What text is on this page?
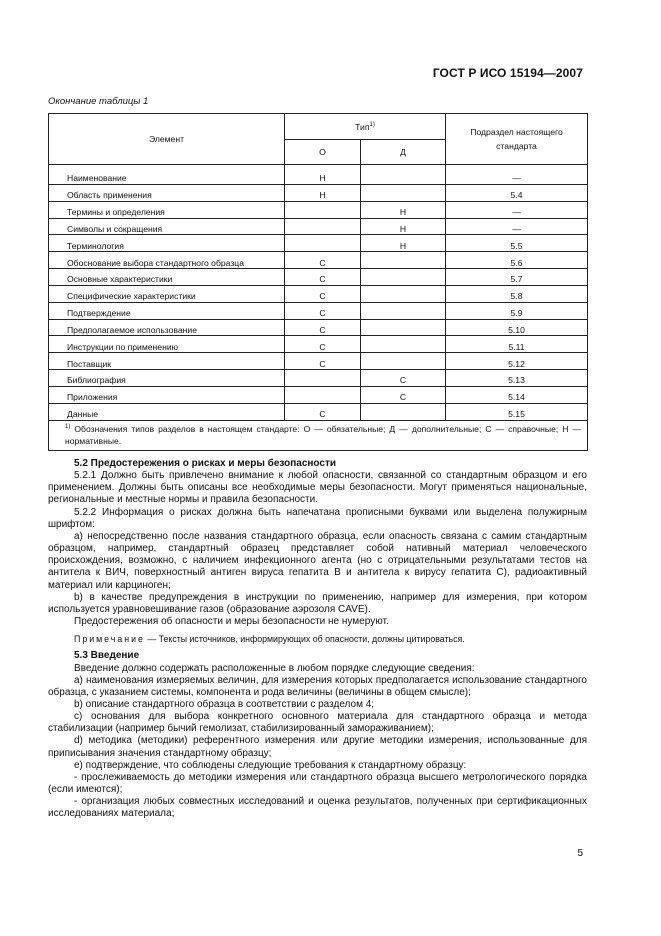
ГОСТ Р ИСО 15194—2007
Окончание таблицы 1
Элемент	Тип$^{1)}$		Подраздел настоящего стандарта
	О	Д	
Наименование	Н		—
Область применения	Н		5.4
Термины и определения		Н	—
Символы и сокращения		Н	—
Терминология		Н	5.5
Обоснование выбора стандартного образца	С		5.6
Основные характеристики	С		5.7
Специфические характеристики	С		5.8
Подтверждение	С		5.9
Предполагаемое использование	С		5.10
Инструкции по применению	С		5.11
Поставщик	С		5.12
Библиография		С	5.13
Приложения		С	5.14
Данные	С		5.15
$^{1)}$ Обозначения типов разделов в настоящем стандарте: О — обязательные; Д — дополнительные; С — справочные; Н — нормативные.			

5.2 Предостережения о рисках и меры безопасности

5.2.1 Должно быть привлечено внимание к любой опасности, связанной со стандартным образцом и его применением. Должны быть описаны все необходимые меры безопасности. Могут применяться национальные, региональные и местные нормы и правила безопасности.

5.2.2 Информация о рисках должна быть напечатана прописными буквами или выделена полужирным шрифтом:

а) непосредственно после названия стандартного образца, если опасность связана с самим стандартным образцом, например, стандартный образец представляет собой нативный материал человеческого происхождения, возможно, с наличием инфекционного агента (но с отрицательными результатами тестов на антитела к ВИЧ, поверхностный антиген вируса гепатита В и антитела к вирусу гепатита С), радиоактивный материал или карциноген;

b) в качестве предупреждения в инструкции по применению, например для измерения, при котором используется уравновешивание газов (образование аэрозоля CAVE).

Предостережения об опасности и меры безопасности не нумеруют.

Примечание — Тексты источников, информирующих об опасности, должны цитироваться.

5.3 Введение

Введение должно содержать расположенные в любом порядке следующие сведения:

а) наименования измеряемых величин, для измерения которых предполагается использование стандартного образца, с указанием системы, компонента и рода величины (величины в общем смысле);

b) описание стандартного образца в соответствии с разделом 4;

c) основания для выбора конкретного основного материала для стандартного образца и метода стабилизации (например бычий гемолизат, стабилизированный замораживанием);

d) методика (методики) референтного измерения или другие методики измерения, использованные для приписывания значения стандартному образцу;

е) подтверждение, что соблюдены следующие требования к стандартному образцу:

- прослеживаемость до методики измерения или стандартного образца высшего метрологического порядка (если имеются);

- организация любых совместных исследований и оценка результатов, полученных при сертификационных исследованиях материала;

5
